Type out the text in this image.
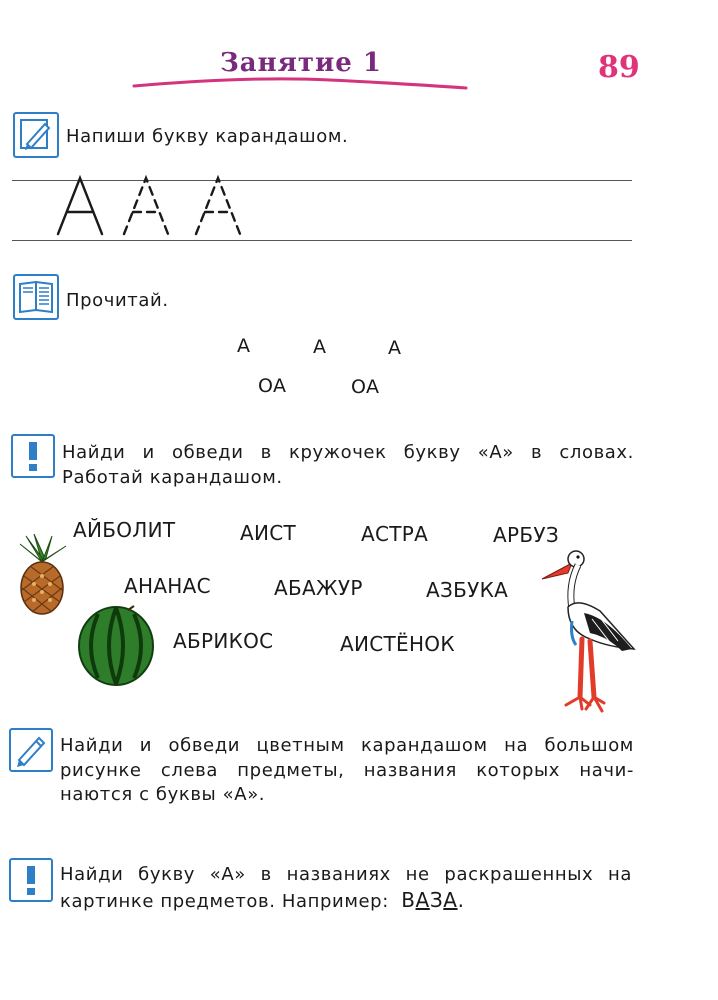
Занятие 1	89
Напиши букву карандашом.
Прочитай.
А	А	А
ОА	ОА
Найди и обведи в кружочек букву «А» в словах.
Работай карандашом.
АЙБОЛИТ	АИСТ	АСТРА	АРБУЗ
АНАНАС	АБАЖУР	АЗБУКА
АБРИКОС	АИСТЁНОК
Найди и обведи цветным карандашом на большом
рисунке слева предметы, названия которых начи-
наются с буквы «А».
Найди букву «А» в названиях не раскрашенных на
картинке предметов. Например: ВАЗА.
